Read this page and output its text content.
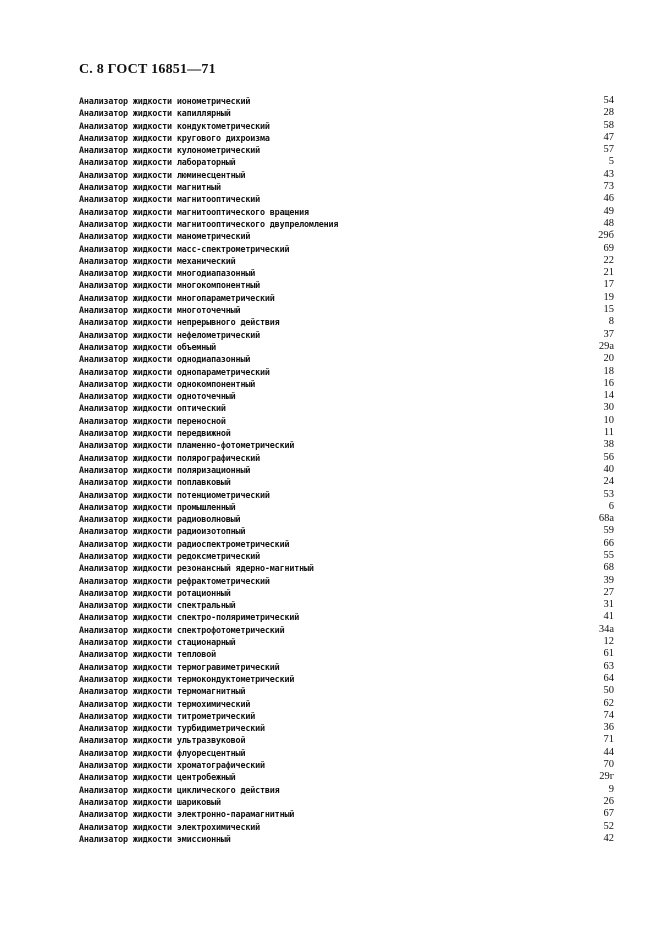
С. 8 ГОСТ 16851—71
Анализатор жидкости ионометрический	54
Анализатор жидкости капиллярный	28
Анализатор жидкости кондуктометрический	58
Анализатор жидкости кругового дихроизма	47
Анализатор жидкости кулонометрический	57
Анализатор жидкости лабораторный	5
Анализатор жидкости люминесцентный	43
Анализатор жидкости магнитный	73
Анализатор жидкости магнитооптический	46
Анализатор жидкости магнитооптического вращения	49
Анализатор жидкости магнитооптического двупреломления	48
Анализатор жидкости манометрический	29б
Анализатор жидкости масс-спектрометрический	69
Анализатор жидкости механический	22
Анализатор жидкости многодиапазонный	21
Анализатор жидкости многокомпонентный	17
Анализатор жидкости многопараметрический	19
Анализатор жидкости многоточечный	15
Анализатор жидкости непрерывного действия	8
Анализатор жидкости нефелометрический	37
Анализатор жидкости объемный	29а
Анализатор жидкости однодиапазонный	20
Анализатор жидкости однопараметрический	18
Анализатор жидкости однокомпонентный	16
Анализатор жидкости одноточечный	14
Анализатор жидкости оптический	30
Анализатор жидкости переносной	10
Анализатор жидкости передвижной	11
Анализатор жидкости пламенно-фотометрический	38
Анализатор жидкости полярографический	56
Анализатор жидкости поляризационный	40
Анализатор жидкости поплавковый	24
Анализатор жидкости потенциометрический	53
Анализатор жидкости промышленный	6
Анализатор жидкости радиоволновый	68а
Анализатор жидкости радиоизотопный	59
Анализатор жидкости радиоспектрометрический	66
Анализатор жидкости редоксметрический	55
Анализатор жидкости резонансный ядерно-магнитный	68
Анализатор жидкости рефрактометрический	39
Анализатор жидкости ротационный	27
Анализатор жидкости спектральный	31
Анализатор жидкости спектро-поляриметрический	41
Анализатор жидкости спектрофотометрический	34а
Анализатор жидкости стационарный	12
Анализатор жидкости тепловой	61
Анализатор жидкости термогравиметрический	63
Анализатор жидкости термокондуктометрический	64
Анализатор жидкости термомагнитный	50
Анализатор жидкости термохимический	62
Анализатор жидкости титрометрический	74
Анализатор жидкости турбидиметрический	36
Анализатор жидкости ультразвуковой	71
Анализатор жидкости флуоресцентный	44
Анализатор жидкости хроматографический	70
Анализатор жидкости центробежный	29г
Анализатор жидкости циклического действия	9
Анализатор жидкости шариковый	26
Анализатор жидкости электронно-парамагнитный	67
Анализатор жидкости электрохимический	52
Анализатор жидкости эмиссионный	42
